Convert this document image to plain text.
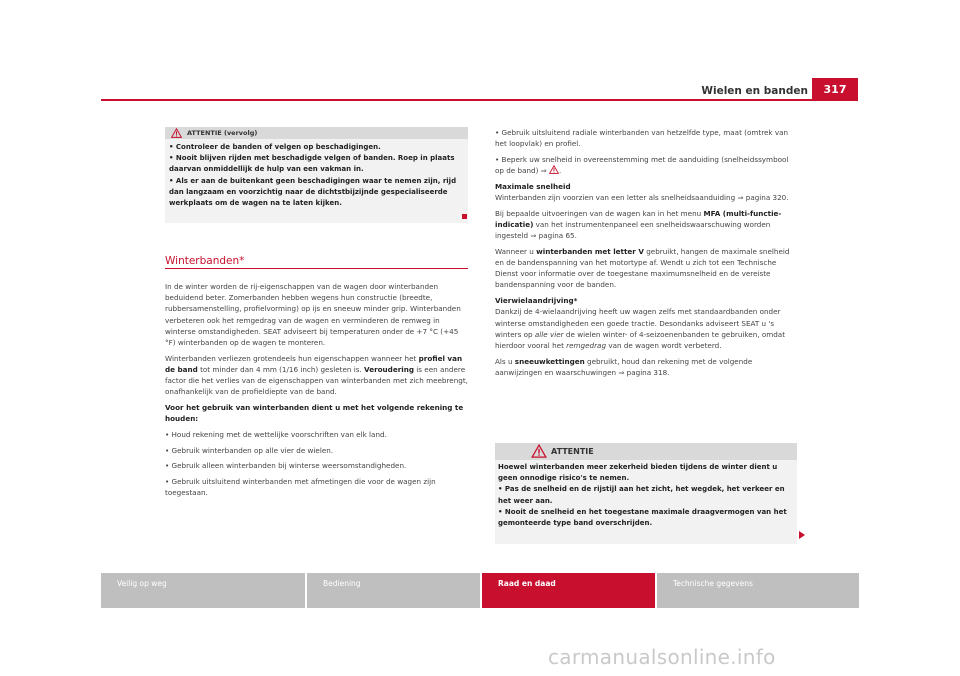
Wielen en banden	317
ATTENTIE (vervolg)
• Controleer de banden of velgen op beschadigingen.
• Nooit blijven rijden met beschadigde velgen of banden. Roep in plaats daarvan onmiddellijk de hulp van een vakman in.
• Als er aan de buitenkant geen beschadigingen waar te nemen zijn, rijd dan langzaam en voorzichtig naar de dichtstbijzijnde gespecialiseerde werkplaats om de wagen na te laten kijken.
Winterbanden*

In de winter worden de rij-eigenschappen van de wagen door winterbanden beduidend beter. Zomerbanden hebben wegens hun constructie (breedte, rubbersamenstelling, profielvorming) op ijs en sneeuw minder grip. Winterbanden verbeteren ook het remgedrag van de wagen en verminderen de remweg in winterse omstandigheden. SEAT adviseert bij temperaturen onder de +7 °C (+45 °F) winterbanden op de wagen te monteren.

Winterbanden verliezen grotendeels hun eigenschappen wanneer het profiel van de band tot minder dan 4 mm (1/16 inch) gesleten is. Veroudering is een andere factor die het verlies van de eigenschappen van winterbanden met zich meebrengt, onafhankelijk van de profieldiepte van de band.

Voor het gebruik van winterbanden dient u met het volgende rekening te houden:

• Houd rekening met de wettelijke voorschriften van elk land.

• Gebruik winterbanden op alle vier de wielen.

• Gebruik alleen winterbanden bij winterse weersomstandigheden.

• Gebruik uitsluitend winterbanden met afmetingen die voor de wagen zijn toegestaan.

• Gebruik uitsluitend radiale winterbanden van hetzelfde type, maat (omtrek van het loopvlak) en profiel.

• Beperk uw snelheid in overeenstemming met de aanduiding (snelheidssymbool op de band) ⇒ .

Maximale snelheid

Winterbanden zijn voorzien van een letter als snelheidsaanduiding ⇒ pagina 320.

Bij bepaalde uitvoeringen van de wagen kan in het menu MFA (multi-functie-indicatie) van het instrumentenpaneel een snelheidswaarschuwing worden ingesteld ⇒ pagina 65.

Wanneer u winterbanden met letter V gebruikt, hangen de maximale snelheid en de bandenspanning van het motortype af. Wendt u zich tot een Technische Dienst voor informatie over de toegestane maximumsnelheid en de vereiste bandenspanning voor de banden.

Vierwielaandrijving*

Dankzij de 4-wielaandrijving heeft uw wagen zelfs met standaardbanden onder winterse omstandigheden een goede tractie. Desondanks adviseert SEAT u 's winters op alle vier de wielen winter- of 4-seizoenenbanden te gebruiken, omdat hierdoor vooral het remgedrag van de wagen wordt verbeterd.

Als u sneeuwkettingen gebruikt, houd dan rekening met de volgende aanwijzingen en waarschuwingen ⇒ pagina 318.

ATTENTIE
Hoewel winterbanden meer zekerheid bieden tijdens de winter dient u geen onnodige risico's te nemen.
• Pas de snelheid en de rijstijl aan het zicht, het wegdek, het verkeer en het weer aan.
• Nooit de snelheid en het toegestane maximale draagvermogen van het gemonteerde type band overschrijden.
Veilig op weg	Bediening	Raad en daad	Technische gegevens
carmanualsonline.info
